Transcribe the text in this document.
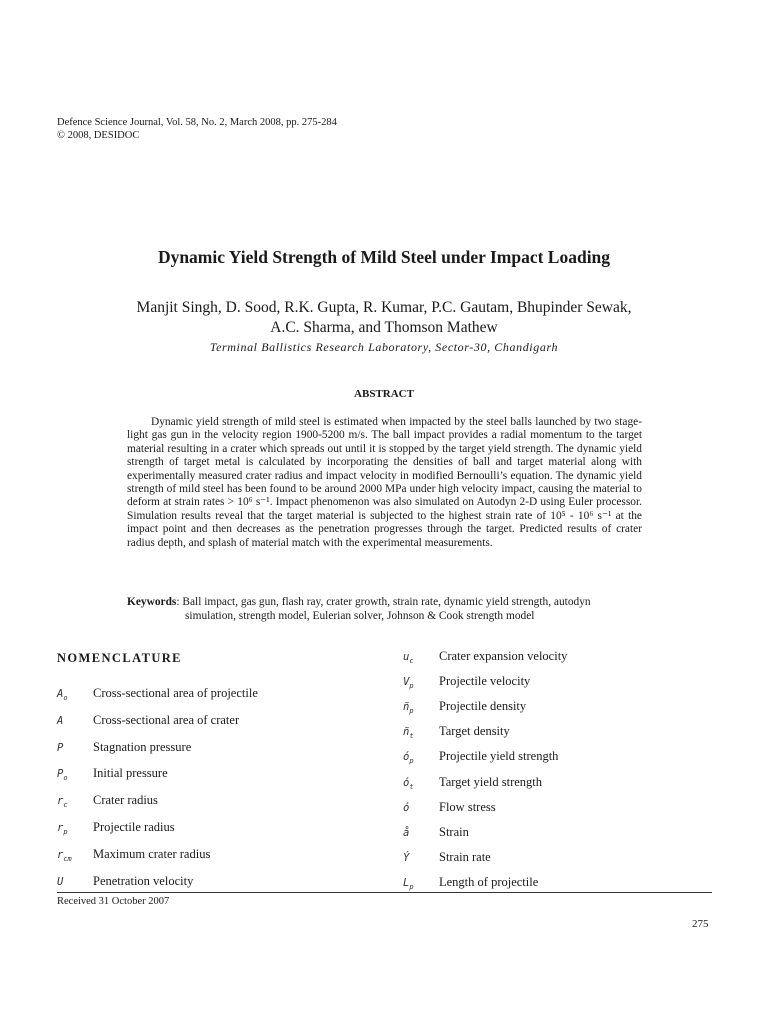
Defence Science Journal, Vol. 58, No. 2, March 2008, pp. 275-284
© 2008, DESIDOC
Dynamic Yield Strength of Mild Steel under Impact Loading
Manjit Singh, D. Sood, R.K. Gupta, R. Kumar, P.C. Gautam, Bhupinder Sewak,
A.C. Sharma, and Thomson Mathew
Terminal Ballistics Research Laboratory, Sector-30, Chandigarh
ABSTRACT

Dynamic yield strength of mild steel is estimated when impacted by the steel balls launched by two stage-light gas gun in the velocity region 1900-5200 m/s. The ball impact provides a radial momentum to the target material resulting in a crater which spreads out until it is stopped by the target yield strength. The dynamic yield strength of target metal is calculated by incorporating the densities of ball and target material along with experimentally measured crater radius and impact velocity in modified Bernoulli’s equation. The dynamic yield strength of mild steel has been found to be around 2000 MPa under high velocity impact, causing the material to deform at strain rates > 10⁶ s⁻¹. Impact phenomenon was also simulated on Autodyn 2-D using Euler processor. Simulation results reveal that the target material is subjected to the highest strain rate of 10⁵ - 10⁶ s⁻¹ at the impact point and then decreases as the penetration progresses through the target. Predicted results of crater radius depth, and splash of material match with the experimental measurements.

Keywords: Ball impact, gas gun, flash ray, crater growth, strain rate, dynamic yield strength, autodyn
simulation, strength model, Eulerian solver, Johnson & Cook strength model
NOMENCLATURE
$A_o$ Cross-sectional area of projectile
A Cross-sectional area of crater
P Stagnation pressure
$P_o$ Initial pressure
$r_c$ Crater radius
$r_p$ Projectile radius
$r_{cm}$ Maximum crater radius
U Penetration velocity
$u_c$ Crater expansion velocity
$V_p$ Projectile velocity
$ñ_p$ Projectile density
$ñ_t$ Target density
$ó_p$ Projectile yield strength
$ó_t$ Target yield strength
ó Flow stress
å Strain
Ý Strain rate
$L_p$ Length of projectile
Received 31 October 2007
275
